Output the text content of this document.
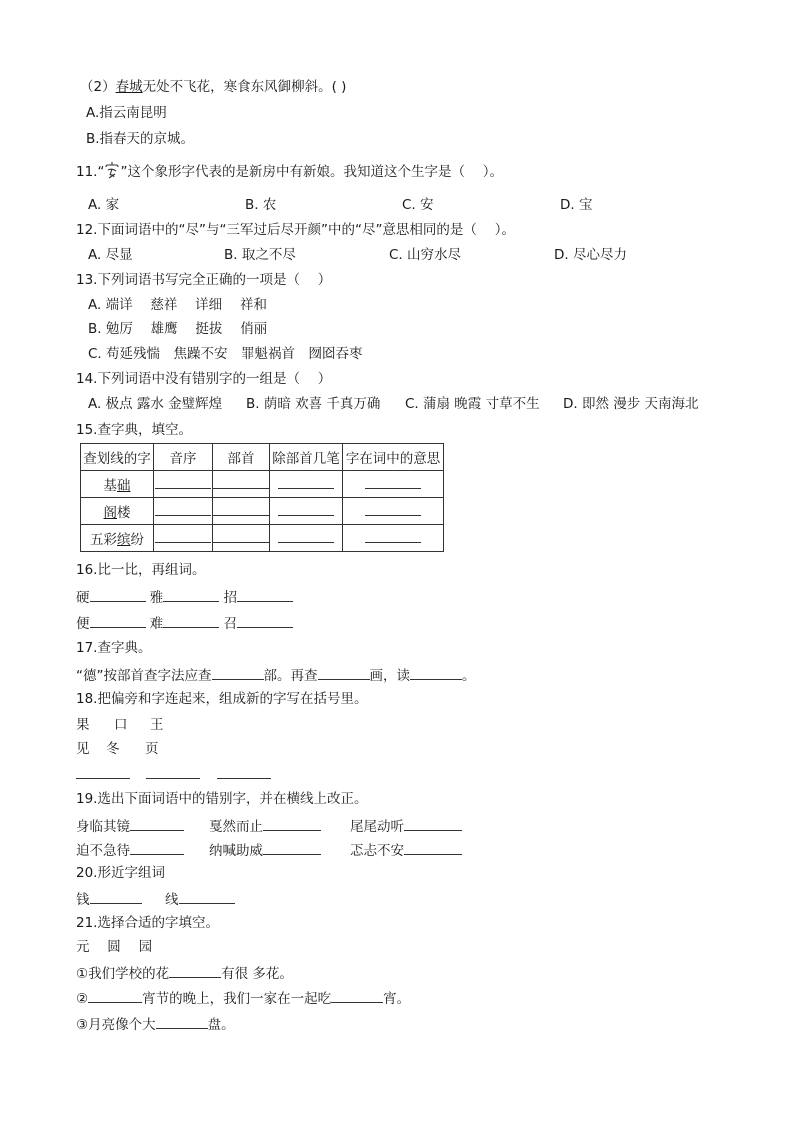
（2）春城无处不飞花，寒食东风御柳斜。( )
A.指云南昆明
B.指春天的京城。
11.“ ”这个象形字代表的是新房中有新娘。我知道这个生字是（　 ）。
A. 家	B. 农	C. 安	D. 宝
12.下面词语中的“尽”与“三军过后尽开颜”中的“尽”意思相同的是（　 ）。
A. 尽显	B. 取之不尽	C. 山穷水尽	D. 尽心尽力
13.下列词语书写完全正确的一项是（　 ）
A. 端详　 慈祥　 详细　 祥和
B. 勉厉　 雄鹰　 挺拔　 俏丽
C. 苟延残惴　焦躁不安　罪魁祸首　囫囵吞枣
14.下列词语中没有错别字的一组是（　 ）
A. 极点 露水 金璧辉煌 B. 荫暗 欢喜 千真万确 C. 蒲扇 晚霞 寸草不生 D. 即然 漫步 天南海北
15.查字典，填空。
查划线的字	音序	部首	除部首几笔	字在词中的意思
基础				
阁楼				
五彩缤纷				
16.比一比，再组词。
硬	雅	招
便	难	召
17.查字典。
“德”按部首查字法应查	部。再查	画，读	。
18.把偏旁和字连起来，组成新的字写在括号里。
果 口 王
见 冬 页

19.选出下面词语中的错别字，并在横线上改正。
身临其镜	戛然而止	尾尾动听
迫不急待	纳喊助威	忑忐不安
20.形近字组词
钱	线
21.选择合适的字填空。
元　 圆　 园
①我们学校的花	有很 多花。
②	宵节的晚上，我们一家在一起吃	宵。
③月亮像个大	盘。
